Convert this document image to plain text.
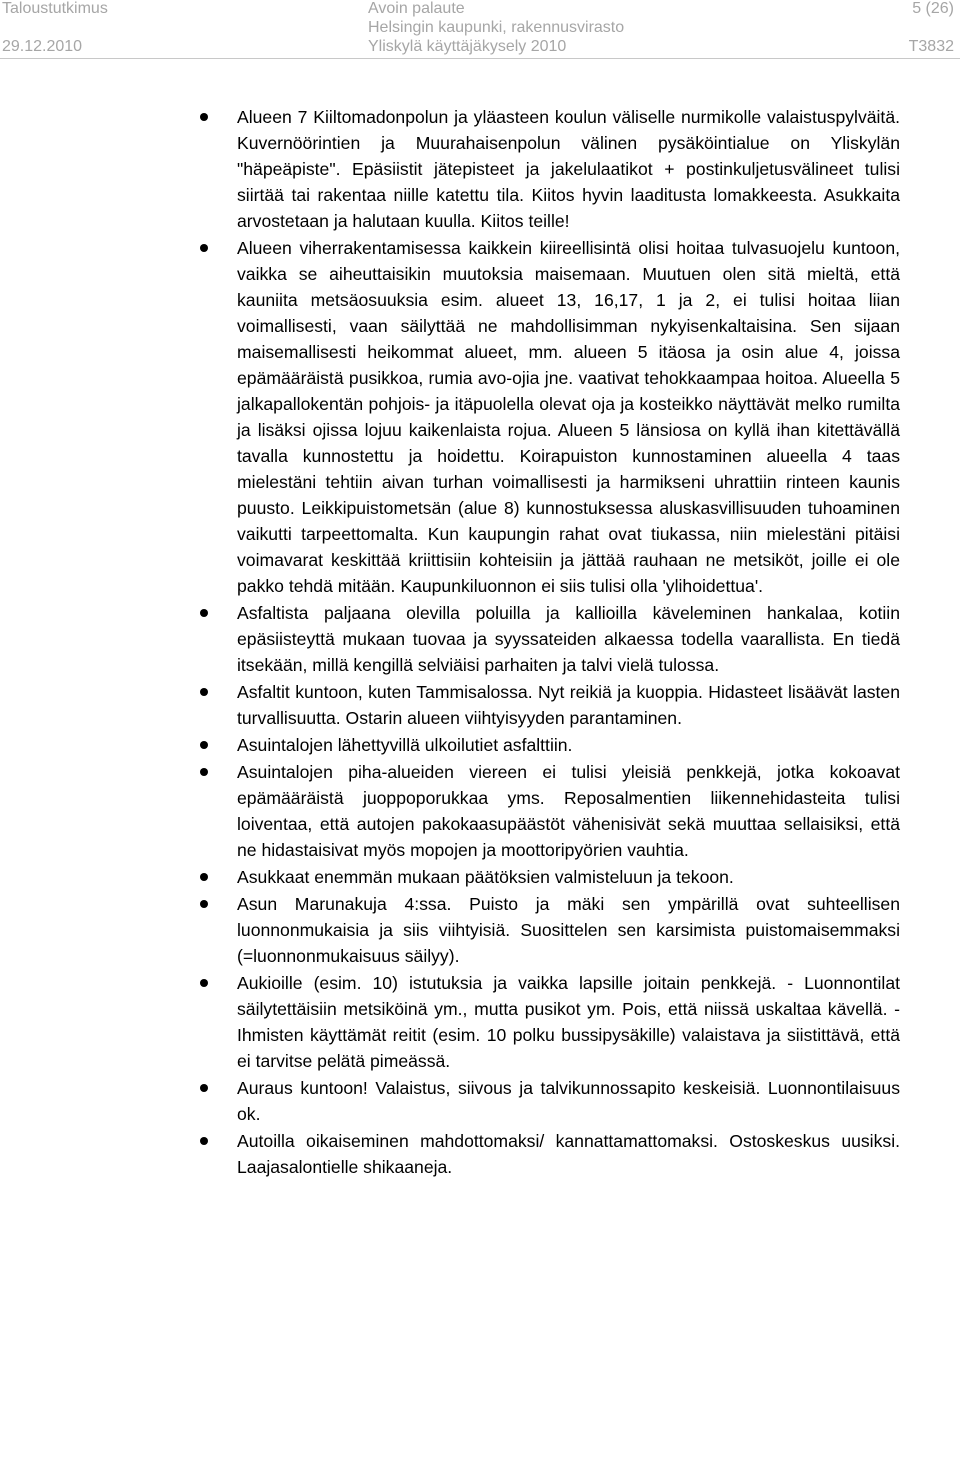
Taloustutkimus
29.12.2010
Avoin palaute
Helsingin kaupunki, rakennusvirasto
Yliskylä käyttäjäkysely 2010
5 (26)
T3832
Alueen 7 Kiiltomadonpolun ja yläasteen koulun väliselle nurmikolle valaistuspylväitä. Kuvernöörintien ja Muurahaisenpolun välinen pysäköintialue on Yliskylän "häpeäpiste". Epäsiistit jätepisteet ja jakelulaatikot + postinkuljetusvälineet tulisi siirtää tai rakentaa niille katettu tila. Kiitos hyvin laaditusta lomakkeesta. Asukkaita arvostetaan ja halutaan kuulla. Kiitos teille!
Alueen viherrakentamisessa kaikkein kiireellisintä olisi hoitaa tulvasuojelu kuntoon, vaikka se aiheuttaisikin muutoksia maisemaan. Muutuen olen sitä mieltä, että kauniita metsäosuuksia esim. alueet 13, 16,17, 1 ja 2, ei tulisi hoitaa liian voimallisesti, vaan säilyttää ne mahdollisimman nykyisenkaltaisina. Sen sijaan maisemallisesti heikommat alueet, mm. alueen 5 itäosa ja osin alue 4, joissa epämääräistä pusikkoa, rumia avo-ojia jne. vaativat tehokkaampaa hoitoa. Alueella 5 jalkapallokentän pohjois- ja itäpuolella olevat oja ja kosteikko näyttävät melko rumilta ja lisäksi ojissa lojuu kaikenlaista rojua. Alueen 5 länsiosa on kyllä ihan kitettävällä tavalla kunnostettu ja hoidettu. Koirapuiston kunnostaminen alueella 4 taas mielestäni tehtiin aivan turhan voimallisesti ja harmikseni uhrattiin rinteen kaunis puusto. Leikkipuistometsän (alue 8) kunnostuksessa aluskasvillisuuden tuhoaminen vaikutti tarpeettomalta. Kun kaupungin rahat ovat tiukassa, niin mielestäni pitäisi voimavarat keskittää kriittisiin kohteisiin ja jättää rauhaan ne metsiköt, joille ei ole pakko tehdä mitään. Kaupunkiluonnon ei siis tulisi olla 'ylihoidettua'.
Asfaltista paljaana olevilla poluilla ja kallioilla käveleminen hankalaa, kotiin epäsiisteyttä mukaan tuovaa ja syyssateiden alkaessa todella vaarallista. En tiedä itsekään, millä kengillä selviäisi parhaiten ja talvi vielä tulossa.
Asfaltit kuntoon, kuten Tammisalossa. Nyt reikiä ja kuoppia. Hidasteet lisäävät lasten turvallisuutta. Ostarin alueen viihtyisyyden parantaminen.
Asuintalojen lähettyvillä ulkoilutiet asfalttiin.
Asuintalojen piha-alueiden viereen ei tulisi yleisiä penkkejä, jotka kokoavat epämääräistä juoppoporukkaa yms. Reposalmentien liikennehidasteita tulisi loiventaa, että autojen pakokaasupäästöt vähenisivät sekä muuttaa sellaisiksi, että ne hidastaisivat myös mopojen ja moottoripyörien vauhtia.
Asukkaat enemmän mukaan päätöksien valmisteluun ja tekoon.
Asun Marunakuja 4:ssa. Puisto ja mäki sen ympärillä ovat suhteellisen luonnonmukaisia ja siis viihtyisiä. Suosittelen sen karsimista puistomaisemmaksi (=luonnonmukaisuus säilyy).
Aukioille (esim. 10) istutuksia ja vaikka lapsille joitain penkkejä. - Luonnontilat säilytettäisiin metsiköinä ym., mutta pusikot ym. Pois, että niissä uskaltaa kävellä. -Ihmisten käyttämät reitit (esim. 10 polku bussipysäkille) valaistava ja siistittävä, että ei tarvitse pelätä pimeässä.
Auraus kuntoon! Valaistus, siivous ja talvikunnossapito keskeisiä. Luonnontilaisuus ok.
Autoilla oikaiseminen mahdottomaksi/ kannattamattomaksi. Ostoskeskus uusiksi. Laajasalontielle shikaaneja.
